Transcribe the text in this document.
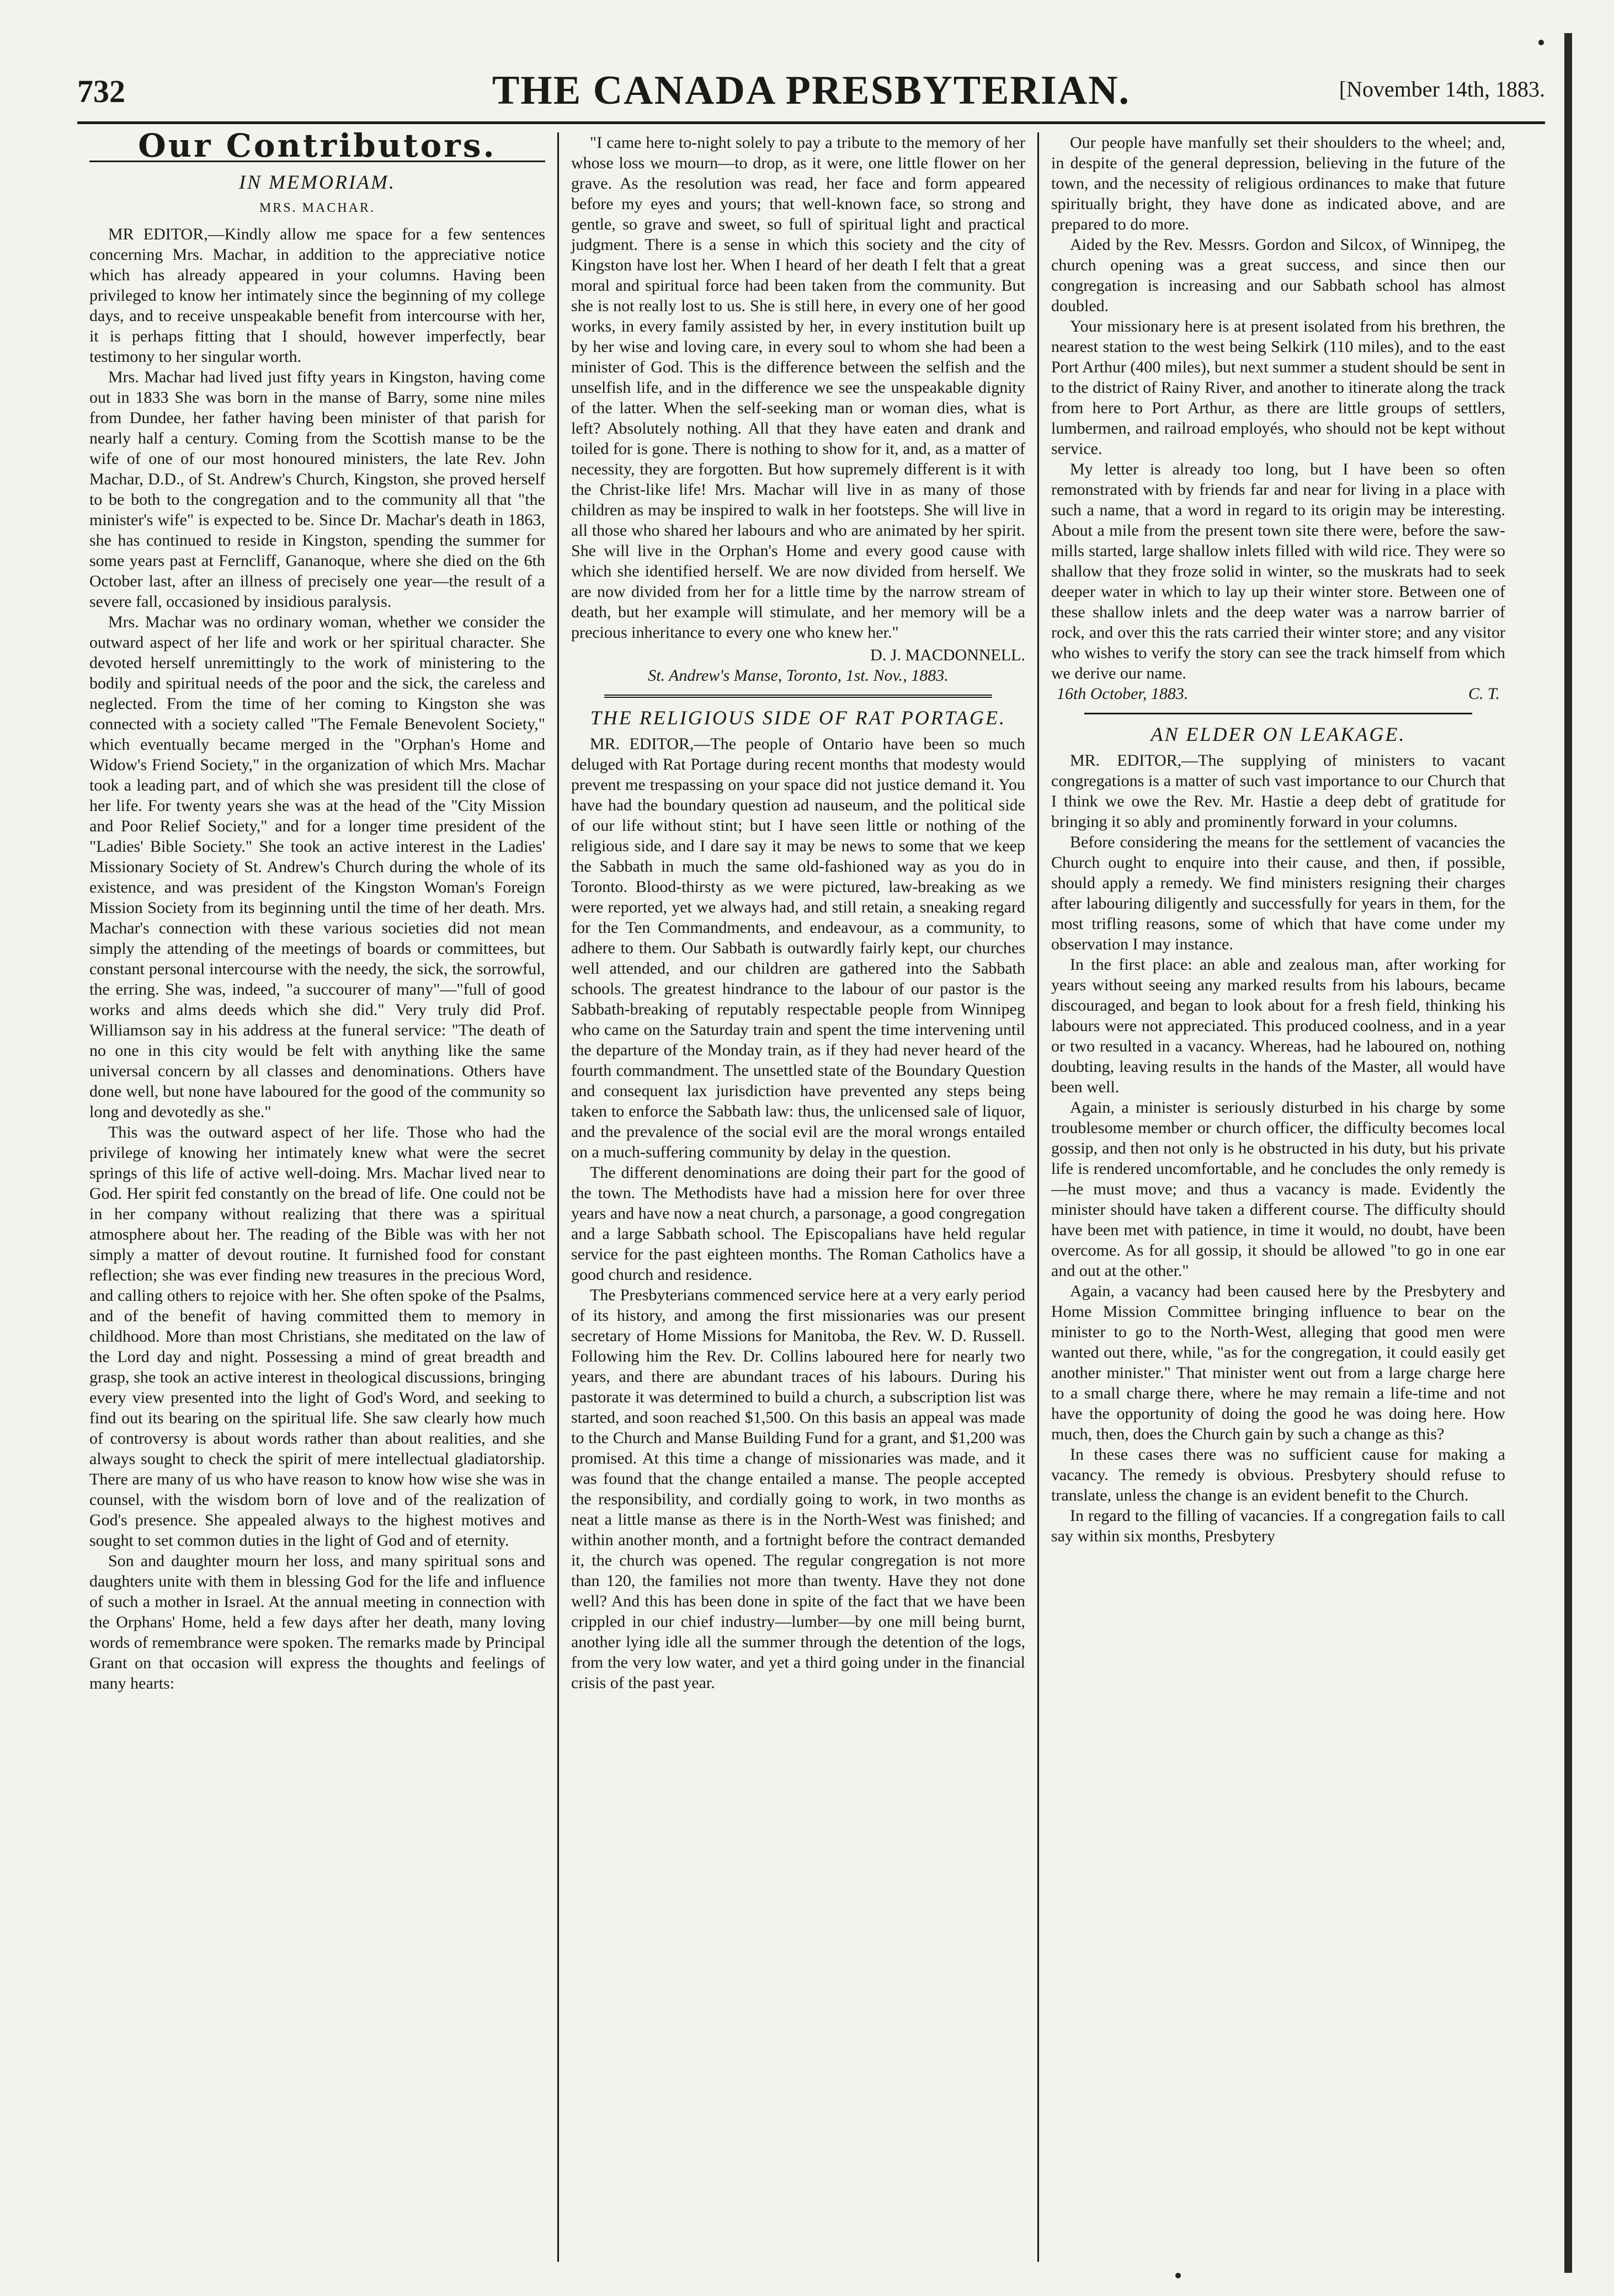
732	THE CANADA PRESBYTERIAN.	[November 14th, 1883.
Our Contributors.
IN MEMORIAM.
MRS. MACHAR.

MR EDITOR,—Kindly allow me space for a few sentences concerning Mrs. Machar, in addition to the appreciative notice which has already appeared in your columns. Having been privileged to know her intimately since the beginning of my college days, and to receive unspeakable benefit from intercourse with her, it is perhaps fitting that I should, however imperfectly, bear testimony to her singular worth.

Mrs. Machar had lived just fifty years in Kingston, having come out in 1833 She was born in the manse of Barry, some nine miles from Dundee, her father having been minister of that parish for nearly half a century. Coming from the Scottish manse to be the wife of one of our most honoured ministers, the late Rev. John Machar, D.D., of St. Andrew's Church, Kingston, she proved herself to be both to the congregation and to the community all that "the minister's wife" is expected to be. Since Dr. Machar's death in 1863, she has continued to reside in Kingston, spending the summer for some years past at Ferncliff, Gananoque, where she died on the 6th October last, after an illness of precisely one year—the result of a severe fall, occasioned by insidious paralysis.

Mrs. Machar was no ordinary woman, whether we consider the outward aspect of her life and work or her spiritual character. She devoted herself unremittingly to the work of ministering to the bodily and spiritual needs of the poor and the sick, the careless and neglected. From the time of her coming to Kingston she was connected with a society called "The Female Benevolent Society," which eventually became merged in the "Orphan's Home and Widow's Friend Society," in the organization of which Mrs. Machar took a leading part, and of which she was president till the close of her life. For twenty years she was at the head of the "City Mission and Poor Relief Society," and for a longer time president of the "Ladies' Bible Society." She took an active interest in the Ladies' Missionary Society of St. Andrew's Church during the whole of its existence, and was president of the Kingston Woman's Foreign Mission Society from its beginning until the time of her death. Mrs. Machar's connection with these various societies did not mean simply the attending of the meetings of boards or committees, but constant personal intercourse with the needy, the sick, the sorrowful, the erring. She was, indeed, "a succourer of many"—"full of good works and alms deeds which she did." Very truly did Prof. Williamson say in his address at the funeral service: "The death of no one in this city would be felt with anything like the same universal concern by all classes and denominations. Others have done well, but none have laboured for the good of the community so long and devotedly as she."

This was the outward aspect of her life. Those who had the privilege of knowing her intimately knew what were the secret springs of this life of active well-doing. Mrs. Machar lived near to God. Her spirit fed constantly on the bread of life. One could not be in her company without realizing that there was a spiritual atmosphere about her. The reading of the Bible was with her not simply a matter of devout routine. It furnished food for constant reflection; she was ever finding new treasures in the precious Word, and calling others to rejoice with her. She often spoke of the Psalms, and of the benefit of having committed them to memory in childhood. More than most Christians, she meditated on the law of the Lord day and night. Possessing a mind of great breadth and grasp, she took an active interest in theological discussions, bringing every view presented into the light of God's Word, and seeking to find out its bearing on the spiritual life. She saw clearly how much of controversy is about words rather than about realities, and she always sought to check the spirit of mere intellectual gladiatorship. There are many of us who have reason to know how wise she was in counsel, with the wisdom born of love and of the realization of God's presence. She appealed always to the highest motives and sought to set common duties in the light of God and of eternity.

Son and daughter mourn her loss, and many spiritual sons and daughters unite with them in blessing God for the life and influence of such a mother in Israel. At the annual meeting in connection with the Orphans' Home, held a few days after her death, many loving words of remembrance were spoken. The remarks made by Principal Grant on that occasion will express the thoughts and feelings of many hearts:

"I came here to-night solely to pay a tribute to the memory of her whose loss we mourn—to drop, as it were, one little flower on her grave. As the resolution was read, her face and form appeared before my eyes and yours; that well-known face, so strong and gentle, so grave and sweet, so full of spiritual light and practical judgment. There is a sense in which this society and the city of Kingston have lost her. When I heard of her death I felt that a great moral and spiritual force had been taken from the community. But she is not really lost to us. She is still here, in every one of her good works, in every family assisted by her, in every institution built up by her wise and loving care, in every soul to whom she had been a minister of God. This is the difference between the selfish and the unselfish life, and in the difference we see the unspeakable dignity of the latter. When the self-seeking man or woman dies, what is left? Absolutely nothing. All that they have eaten and drank and toiled for is gone. There is nothing to show for it, and, as a matter of necessity, they are forgotten. But how supremely different is it with the Christ-like life! Mrs. Machar will live in as many of those children as may be inspired to walk in her footsteps. She will live in all those who shared her labours and who are animated by her spirit. She will live in the Orphan's Home and every good cause with which she identified herself. We are now divided from herself. We are now divided from her for a little time by the narrow stream of death, but her example will stimulate, and her memory will be a precious inheritance to every one who knew her."

D. J. MACDONNELL.
St. Andrew's Manse, Toronto, 1st. Nov., 1883.
THE RELIGIOUS SIDE OF RAT PORTAGE.

MR. EDITOR,—The people of Ontario have been so much deluged with Rat Portage during recent months that modesty would prevent me trespassing on your space did not justice demand it. You have had the boundary question ad nauseum, and the political side of our life without stint; but I have seen little or nothing of the religious side, and I dare say it may be news to some that we keep the Sabbath in much the same old-fashioned way as you do in Toronto. Blood-thirsty as we were pictured, law-breaking as we were reported, yet we always had, and still retain, a sneaking regard for the Ten Commandments, and endeavour, as a community, to adhere to them. Our Sabbath is outwardly fairly kept, our churches well attended, and our children are gathered into the Sabbath schools. The greatest hindrance to the labour of our pastor is the Sabbath-breaking of reputably respectable people from Winnipeg who came on the Saturday train and spent the time intervening until the departure of the Monday train, as if they had never heard of the fourth commandment. The unsettled state of the Boundary Question and consequent lax jurisdiction have prevented any steps being taken to enforce the Sabbath law: thus, the unlicensed sale of liquor, and the prevalence of the social evil are the moral wrongs entailed on a much-suffering community by delay in the question.

The different denominations are doing their part for the good of the town. The Methodists have had a mission here for over three years and have now a neat church, a parsonage, a good congregation and a large Sabbath school. The Episcopalians have held regular service for the past eighteen months. The Roman Catholics have a good church and residence.

The Presbyterians commenced service here at a very early period of its history, and among the first missionaries was our present secretary of Home Missions for Manitoba, the Rev. W. D. Russell. Following him the Rev. Dr. Collins laboured here for nearly two years, and there are abundant traces of his labours. During his pastorate it was determined to build a church, a subscription list was started, and soon reached $1,500. On this basis an appeal was made to the Church and Manse Building Fund for a grant, and $1,200 was promised. At this time a change of missionaries was made, and it was found that the change entailed a manse. The people accepted the responsibility, and cordially going to work, in two months as neat a little manse as there is in the North-West was finished; and within another month, and a fortnight before the contract demanded it, the church was opened. The regular congregation is not more than 120, the families not more than twenty. Have they not done well? And this has been done in spite of the fact that we have been crippled in our chief industry—lumber—by one mill being burnt, another lying idle all the summer through the detention of the logs, from the very low water, and yet a third going under in the financial crisis of the past year.

Our people have manfully set their shoulders to the wheel; and, in despite of the general depression, believing in the future of the town, and the necessity of religious ordinances to make that future spiritually bright, they have done as indicated above, and are prepared to do more.

Aided by the Rev. Messrs. Gordon and Silcox, of Winnipeg, the church opening was a great success, and since then our congregation is increasing and our Sabbath school has almost doubled.

Your missionary here is at present isolated from his brethren, the nearest station to the west being Selkirk (110 miles), and to the east Port Arthur (400 miles), but next summer a student should be sent in to the district of Rainy River, and another to itinerate along the track from here to Port Arthur, as there are little groups of settlers, lumbermen, and railroad employés, who should not be kept without service.

My letter is already too long, but I have been so often remonstrated with by friends far and near for living in a place with such a name, that a word in regard to its origin may be interesting. About a mile from the present town site there were, before the saw-mills started, large shallow inlets filled with wild rice. They were so shallow that they froze solid in winter, so the muskrats had to seek deeper water in which to lay up their winter store. Between one of these shallow inlets and the deep water was a narrow barrier of rock, and over this the rats carried their winter store; and any visitor who wishes to verify the story can see the track himself from which we derive our name.

16th October, 1883.	C. T.
AN ELDER ON LEAKAGE.

MR. EDITOR,—The supplying of ministers to vacant congregations is a matter of such vast importance to our Church that I think we owe the Rev. Mr. Hastie a deep debt of gratitude for bringing it so ably and prominently forward in your columns.

Before considering the means for the settlement of vacancies the Church ought to enquire into their cause, and then, if possible, should apply a remedy. We find ministers resigning their charges after labouring diligently and successfully for years in them, for the most trifling reasons, some of which that have come under my observation I may instance.

In the first place: an able and zealous man, after working for years without seeing any marked results from his labours, became discouraged, and began to look about for a fresh field, thinking his labours were not appreciated. This produced coolness, and in a year or two resulted in a vacancy. Whereas, had he laboured on, nothing doubting, leaving results in the hands of the Master, all would have been well.

Again, a minister is seriously disturbed in his charge by some troublesome member or church officer, the difficulty becomes local gossip, and then not only is he obstructed in his duty, but his private life is rendered uncomfortable, and he concludes the only remedy is—he must move; and thus a vacancy is made. Evidently the minister should have taken a different course. The difficulty should have been met with patience, in time it would, no doubt, have been overcome. As for all gossip, it should be allowed "to go in one ear and out at the other."

Again, a vacancy had been caused here by the Presbytery and Home Mission Committee bringing influence to bear on the minister to go to the North-West, alleging that good men were wanted out there, while, "as for the congregation, it could easily get another minister." That minister went out from a large charge here to a small charge there, where he may remain a life-time and not have the opportunity of doing the good he was doing here. How much, then, does the Church gain by such a change as this?

In these cases there was no sufficient cause for making a vacancy. The remedy is obvious. Presbytery should refuse to translate, unless the change is an evident benefit to the Church.

In regard to the filling of vacancies. If a congregation fails to call say within six months, Presbytery
